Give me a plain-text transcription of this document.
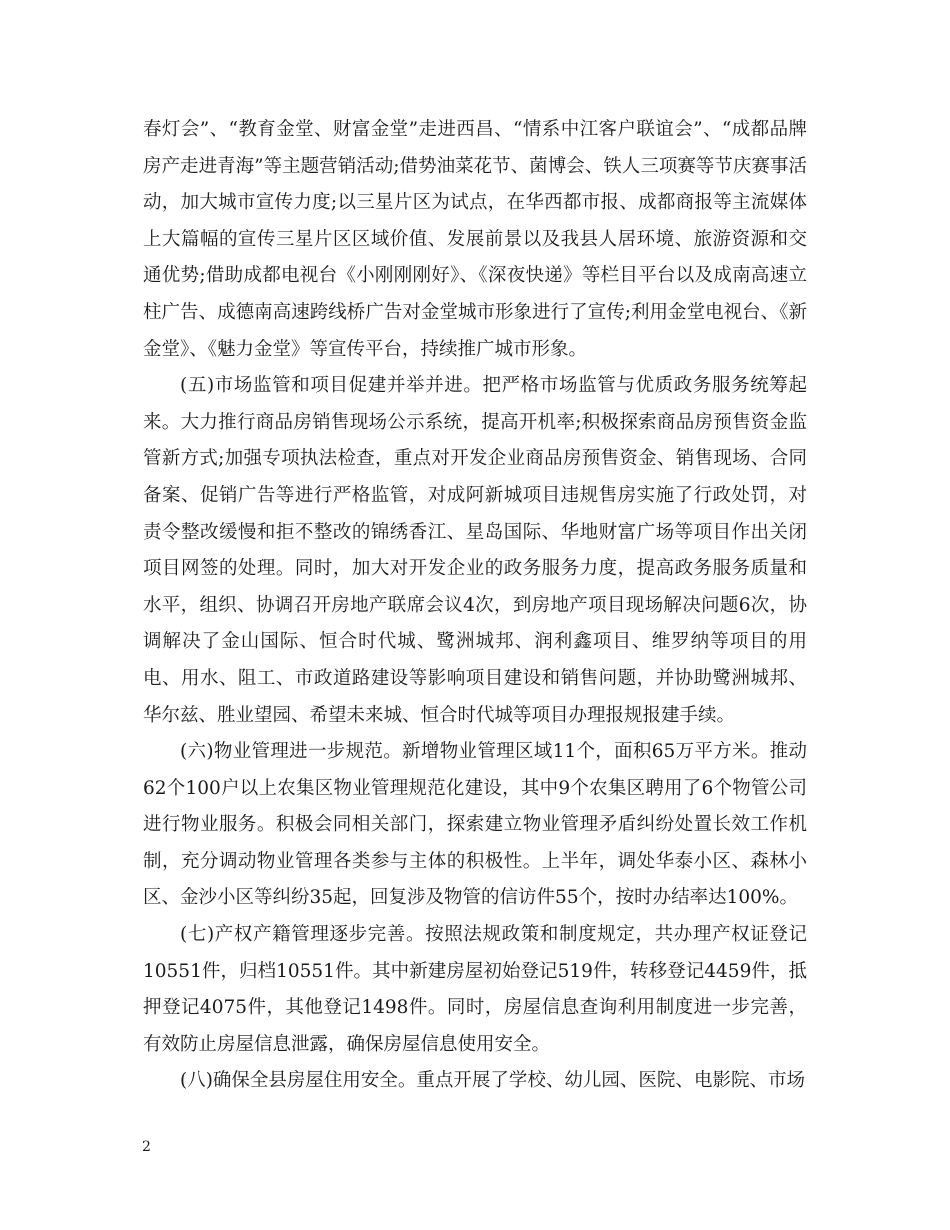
春灯会”、“教育金堂、财富金堂”走进西昌、“情系中江客户联谊会”、“成都品牌房产走进青海”等主题营销活动;借势油菜花节、菌博会、铁人三项赛等节庆赛事活动，加大城市宣传力度;以三星片区为试点，在华西都市报、成都商报等主流媒体上大篇幅的宣传三星片区区域价值、发展前景以及我县人居环境、旅游资源和交通优势;借助成都电视台《小刚刚刚好》、《深夜快递》等栏目平台以及成南高速立柱广告、成德南高速跨线桥广告对金堂城市形象进行了宣传;利用金堂电视台、《新金堂》、《魅力金堂》等宣传平台，持续推广城市形象。

(五)市场监管和项目促建并举并进。把严格市场监管与优质政务服务统筹起来。大力推行商品房销售现场公示系统，提高开机率;积极探索商品房预售资金监管新方式;加强专项执法检查，重点对开发企业商品房预售资金、销售现场、合同备案、促销广告等进行严格监管，对成阿新城项目违规售房实施了行政处罚，对责令整改缓慢和拒不整改的锦绣香江、星岛国际、华地财富广场等项目作出关闭项目网签的处理。同时，加大对开发企业的政务服务力度，提高政务服务质量和水平，组织、协调召开房地产联席会议4次，到房地产项目现场解决问题6次，协调解决了金山国际、恒合时代城、鹭洲城邦、润利鑫项目、维罗纳等项目的用电、用水、阻工、市政道路建设等影响项目建设和销售问题，并协助鹭洲城邦、华尔兹、胜业望园、希望未来城、恒合时代城等项目办理报规报建手续。

(六)物业管理进一步规范。新增物业管理区域11个，面积65万平方米。推动62个100户以上农集区物业管理规范化建设，其中9个农集区聘用了6个物管公司进行物业服务。积极会同相关部门，探索建立物业管理矛盾纠纷处置长效工作机制，充分调动物业管理各类参与主体的积极性。上半年，调处华泰小区、森林小区、金沙小区等纠纷35起，回复涉及物管的信访件55个，按时办结率达100%。

(七)产权产籍管理逐步完善。按照法规政策和制度规定，共办理产权证登记10551件，归档10551件。其中新建房屋初始登记519件，转移登记4459件，抵押登记4075件，其他登记1498件。同时，房屋信息查询利用制度进一步完善，有效防止房屋信息泄露，确保房屋信息使用安全。

(八)确保全县房屋住用安全。重点开展了学校、幼儿园、医院、电影院、市场

2
